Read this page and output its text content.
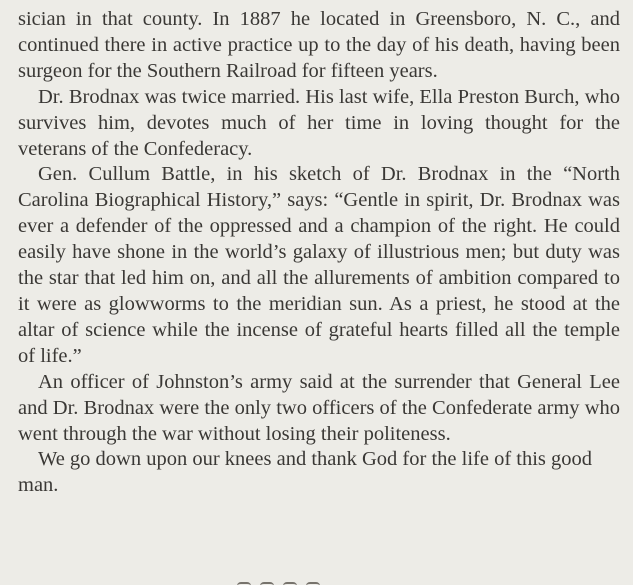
sician in that county. In 1887 he located in Greensboro, N. C., and continued there in active practice up to the day of his death, having been surgeon for the Southern Railroad for fifteen years.

Dr. Brodnax was twice married. His last wife, Ella Preston Burch, who survives him, devotes much of her time in loving thought for the veterans of the Confederacy.

Gen. Cullum Battle, in his sketch of Dr. Brodnax in the “North Carolina Biographical History,” says: “Gentle in spirit, Dr. Brodnax was ever a defender of the oppressed and a champion of the right. He could easily have shone in the world’s galaxy of illustrious men; but duty was the star that led him on, and all the allurements of ambition compared to it were as glowworms to the meridian sun. As a priest, he stood at the altar of science while the incense of grateful hearts filled all the temple of life.”

An officer of Johnston’s army said at the surrender that General Lee and Dr. Brodnax were the only two officers of the Confederate army who went through the war without losing their politeness.

We go down upon our knees and thank God for the life of this good man.
